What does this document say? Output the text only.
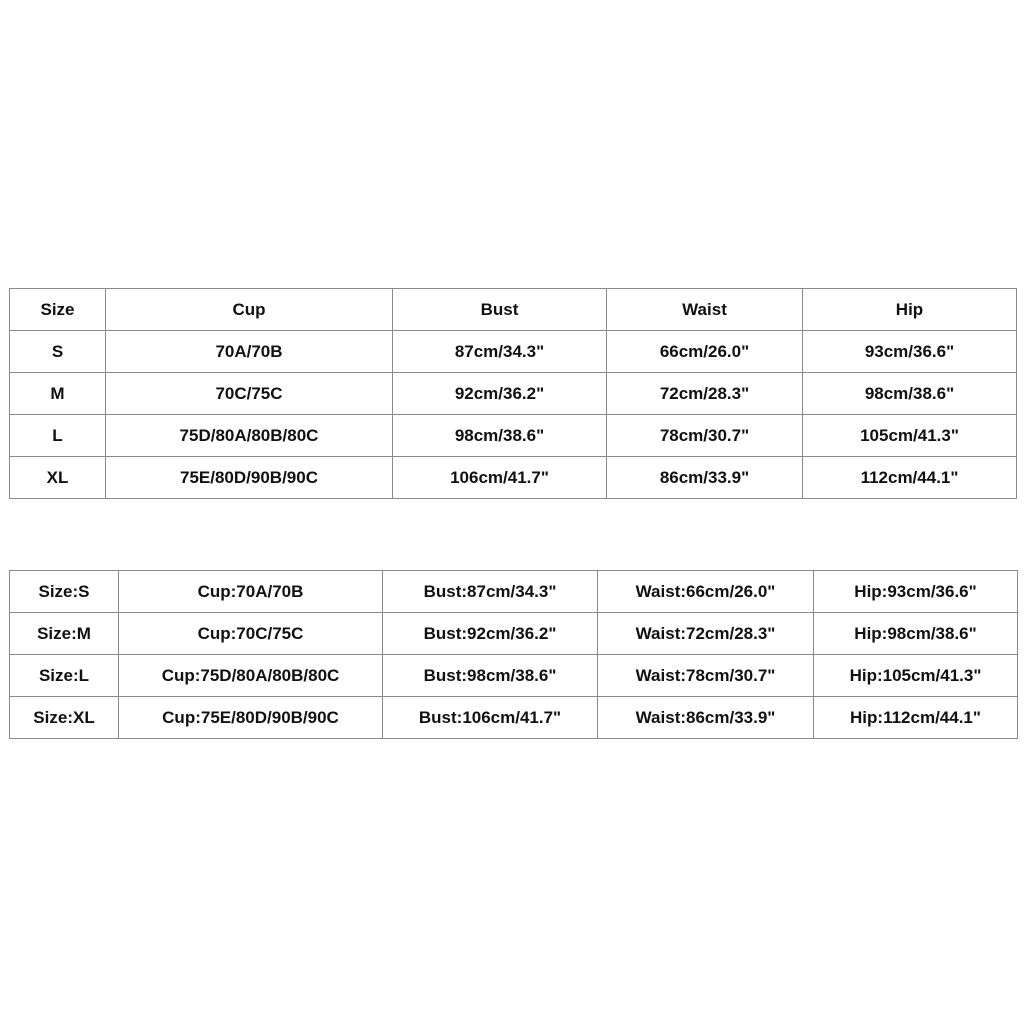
Size	Cup	Bust	Waist	Hip
S	70A/70B	87cm/34.3"	66cm/26.0"	93cm/36.6"
M	70C/75C	92cm/36.2"	72cm/28.3"	98cm/38.6"
L	75D/80A/80B/80C	98cm/38.6"	78cm/30.7"	105cm/41.3"
XL	75E/80D/90B/90C	106cm/41.7"	86cm/33.9"	112cm/44.1"
Size:S	Cup:70A/70B	Bust:87cm/34.3"	Waist:66cm/26.0"	Hip:93cm/36.6"
Size:M	Cup:70C/75C	Bust:92cm/36.2"	Waist:72cm/28.3"	Hip:98cm/38.6"
Size:L	Cup:75D/80A/80B/80C	Bust:98cm/38.6"	Waist:78cm/30.7"	Hip:105cm/41.3"
Size:XL	Cup:75E/80D/90B/90C	Bust:106cm/41.7"	Waist:86cm/33.9"	Hip:112cm/44.1"
